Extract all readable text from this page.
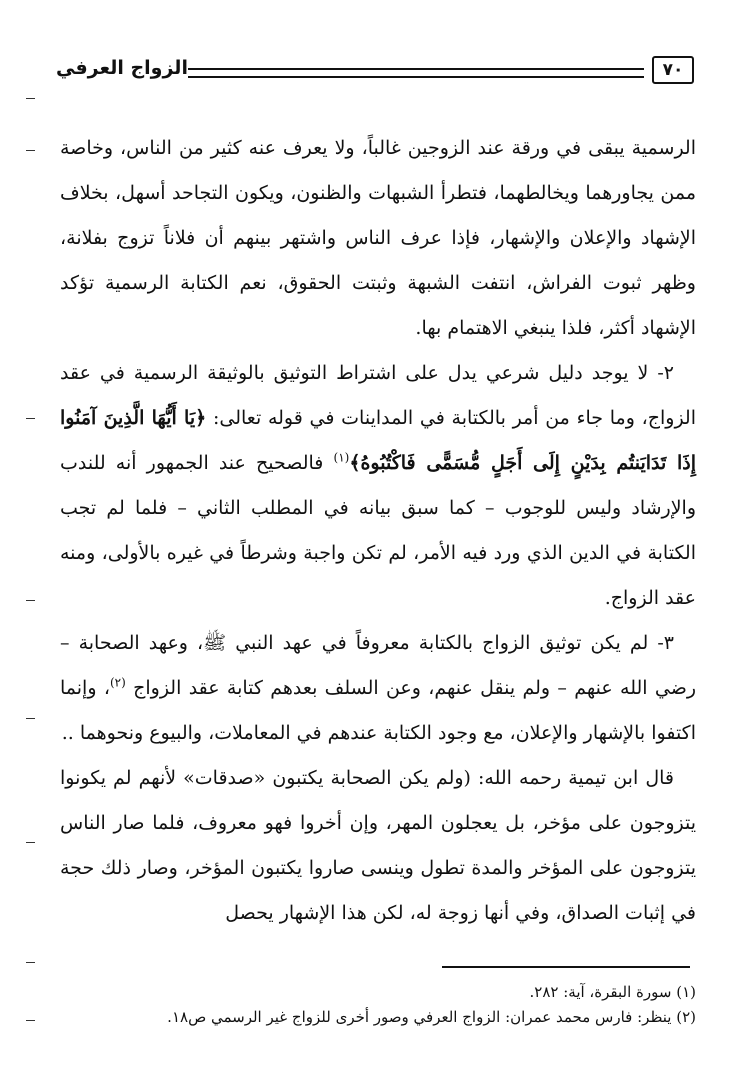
٧٠
الزواج العرفي

الرسمية يبقى في ورقة عند الزوجين غالباً، ولا يعرف عنه كثير من الناس، وخاصة ممن يجاورهما ويخالطهما، فتطرأ الشبهات والظنون، ويكون التجاحد أسهل، بخلاف الإشهاد والإعلان والإشهار، فإذا عرف الناس واشتهر بينهم أن فلاناً تزوج بفلانة، وظهر ثبوت الفراش، انتفت الشبهة وثبتت الحقوق، نعم الكتابة الرسمية تؤكد الإشهاد أكثر، فلذا ينبغي الاهتمام بها.

٢- لا يوجد دليل شرعي يدل على اشتراط التوثيق بالوثيقة الرسمية في عقد الزواج، وما جاء من أمر بالكتابة في المداينات في قوله تعالى: ﴿يَا أَيُّهَا الَّذِينَ آمَنُوا إِذَا تَدَايَنتُم بِدَيْنٍ إِلَى أَجَلٍ مُّسَمًّى فَاكْتُبُوهُ﴾$^{(١)}$ فالصحيح عند الجمهور أنه للندب والإرشاد وليس للوجوب – كما سبق بيانه في المطلب الثاني – فلما لم تجب الكتابة في الدين الذي ورد فيه الأمر، لم تكن واجبة وشرطاً في غيره بالأولى، ومنه عقد الزواج.

٣- لم يكن توثيق الزواج بالكتابة معروفاً في عهد النبي ﷺ، وعهد الصحابة – رضي الله عنهم – ولم ينقل عنهم، وعن السلف بعدهم كتابة عقد الزواج $^{(٢)}$، وإنما اكتفوا بالإشهار والإعلان، مع وجود الكتابة عندهم في المعاملات، والبيوع ونحوهما ..

قال ابن تيمية رحمه الله: (ولم يكن الصحابة يكتبون «صدقات» لأنهم لم يكونوا يتزوجون على مؤخر، بل يعجلون المهر، وإن أخروا فهو معروف، فلما صار الناس يتزوجون على المؤخر والمدة تطول وينسى صاروا يكتبون المؤخر، وصار ذلك حجة في إثبات الصداق، وفي أنها زوجة له، لكن هذا الإشهار يحصل

(١) سورة البقرة، آية: ٢٨٢.

(٢) ينظر: فارس محمد عمران: الزواج العرفي وصور أخرى للزواج غير الرسمي ص١٨.
